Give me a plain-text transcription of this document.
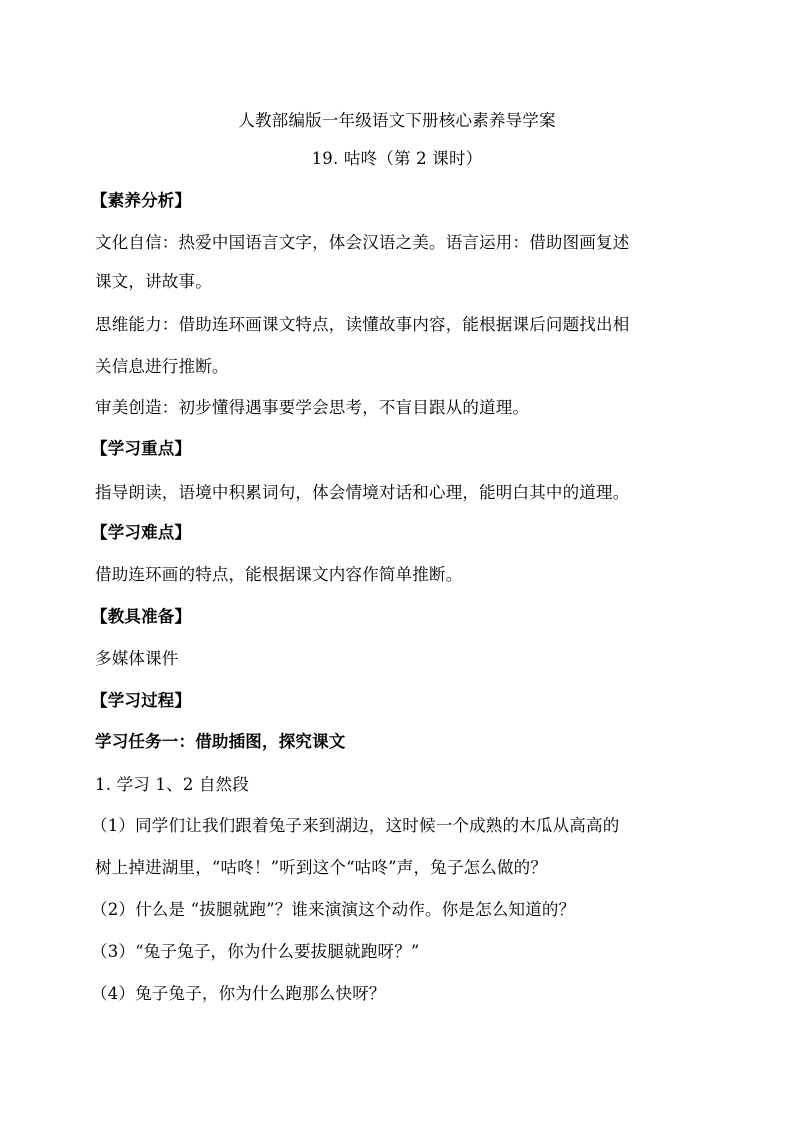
人教部编版一年级语文下册核心素养导学案
19. 咕咚（第 2 课时）
【素养分析】
文化自信：热爱中国语言文字，体会汉语之美。语言运用：借助图画复述
课文，讲故事。
思维能力：借助连环画课文特点，读懂故事内容，能根据课后问题找出相
关信息进行推断。
审美创造：初步懂得遇事要学会思考，不盲目跟从的道理。
【学习重点】
指导朗读，语境中积累词句，体会情境对话和心理，能明白其中的道理。
【学习难点】
借助连环画的特点，能根据课文内容作简单推断。
【教具准备】
多媒体课件
【学习过程】
学习任务一：借助插图，探究课文
1. 学习 1、2 自然段
（1）同学们让我们跟着兔子来到湖边，这时候一个成熟的木瓜从高高的
树上掉进湖里，“咕咚！”听到这个“咕咚”声，兔子怎么做的？
（2）什么是 “拔腿就跑”？谁来演演这个动作。你是怎么知道的？
（3）“兔子兔子，你为什么要拔腿就跑呀？”
（4）兔子兔子，你为什么跑那么快呀？
